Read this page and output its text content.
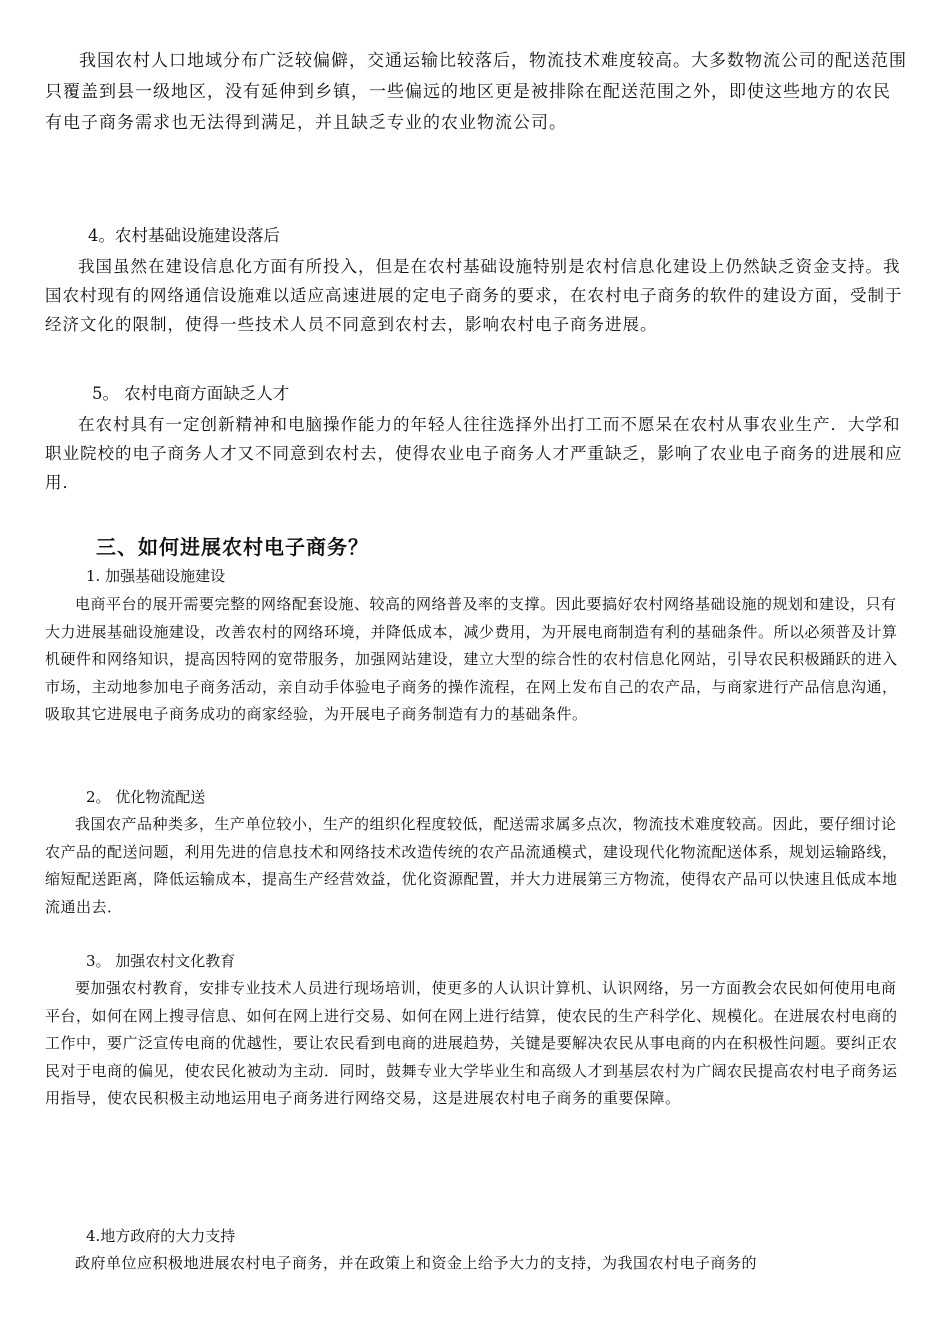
我国农村人口地域分布广泛较偏僻，交通运输比较落后，物流技术难度较高。大多数物流公司的配送范围只覆盖到县一级地区，没有延伸到乡镇，一些偏远的地区更是被排除在配送范围之外，即使这些地方的农民有电子商务需求也无法得到满足，并且缺乏专业的农业物流公司。
4。农村基础设施建设落后
我国虽然在建设信息化方面有所投入，但是在农村基础设施特别是农村信息化建设上仍然缺乏资金支持。我国农村现有的网络通信设施难以适应高速进展的定电子商务的要求，在农村电子商务的软件的建设方面，受制于经济文化的限制，使得一些技术人员不同意到农村去，影响农村电子商务进展。
5。 农村电商方面缺乏人才
在农村具有一定创新精神和电脑操作能力的年轻人往往选择外出打工而不愿呆在农村从事农业生产．大学和职业院校的电子商务人才又不同意到农村去，使得农业电子商务人才严重缺乏，影响了农业电子商务的进展和应用．
三、如何进展农村电子商务？
1. 加强基础设施建设
电商平台的展开需要完整的网络配套设施、较高的网络普及率的支撑。因此要搞好农村网络基础设施的规划和建设，只有大力进展基础设施建设，改善农村的网络环境，并降低成本，减少费用，为开展电商制造有利的基础条件。所以必须普及计算机硬件和网络知识，提高因特网的宽带服务，加强网站建设，建立大型的综合性的农村信息化网站，引导农民积极踊跃的进入市场，主动地参加电子商务活动，亲自动手体验电子商务的操作流程，在网上发布自己的农产品，与商家进行产品信息沟通，吸取其它进展电子商务成功的商家经验，为开展电子商务制造有力的基础条件。
2。 优化物流配送
我国农产品种类多，生产单位较小，生产的组织化程度较低，配送需求属多点次，物流技术难度较高。因此，要仔细讨论农产品的配送问题，利用先进的信息技术和网络技术改造传统的农产品流通模式，建设现代化物流配送体系，规划运输路线，缩短配送距离，降低运输成本，提高生产经营效益，优化资源配置，并大力进展第三方物流，使得农产品可以快速且低成本地流通出去．
3。 加强农村文化教育
要加强农村教育，安排专业技术人员进行现场培训，使更多的人认识计算机、认识网络，另一方面教会农民如何使用电商平台，如何在网上搜寻信息、如何在网上进行交易、如何在网上进行结算，使农民的生产科学化、规模化。在进展农村电商的工作中，要广泛宣传电商的优越性，要让农民看到电商的进展趋势，关键是要解决农民从事电商的内在积极性问题。要纠正农民对于电商的偏见，使农民化被动为主动．同时，鼓舞专业大学毕业生和高级人才到基层农村为广阔农民提高农村电子商务运用指导，使农民积极主动地运用电子商务进行网络交易，这是进展农村电子商务的重要保障。
4.地方政府的大力支持
政府单位应积极地进展农村电子商务，并在政策上和资金上给予大力的支持，为我国农村电子商务的
